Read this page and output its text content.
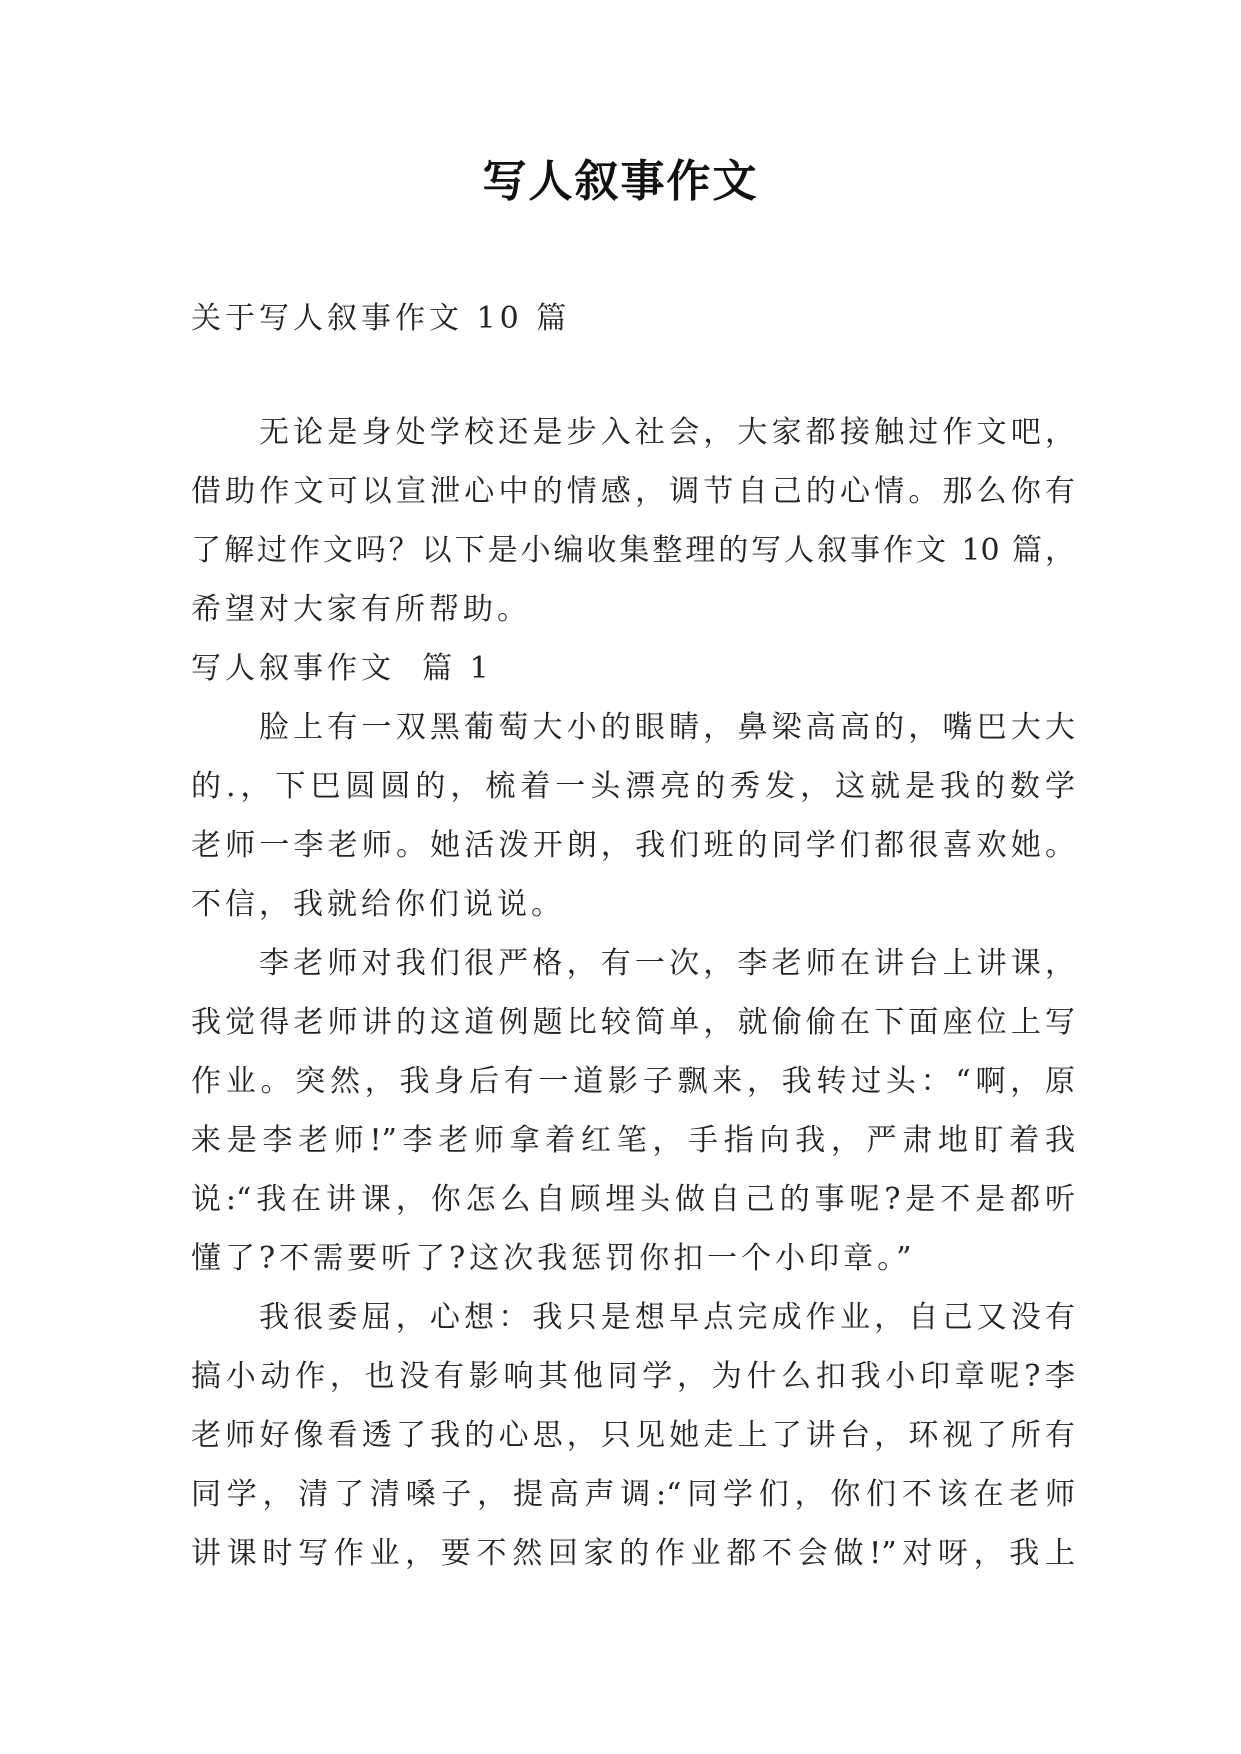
写人叙事作文
关于写人叙事作文 10 篇
无论是身处学校还是步入社会，大家都接触过作文吧，
借助作文可以宣泄心中的情感，调节自己的心情。那么你有
了解过作文吗？以下是小编收集整理的写人叙事作文 10 篇，
希望对大家有所帮助。
写人叙事作文  篇 1
脸上有一双黑葡萄大小的眼睛，鼻梁高高的，嘴巴大大
的.，下巴圆圆的，梳着一头漂亮的秀发，这就是我的数学
老师一李老师。她活泼开朗，我们班的同学们都很喜欢她。
不信，我就给你们说说。
李老师对我们很严格，有一次，李老师在讲台上讲课，
我觉得老师讲的这道例题比较简单，就偷偷在下面座位上写
作业。突然，我身后有一道影子飘来，我转过头：“啊，原
来是李老师!”李老师拿着红笔，手指向我，严肃地盯着我
说:“我在讲课，你怎么自顾埋头做自己的事呢?是不是都听
懂了?不需要听了?这次我惩罚你扣一个小印章。”
我很委屈，心想：我只是想早点完成作业，自己又没有
搞小动作，也没有影响其他同学，为什么扣我小印章呢?李
老师好像看透了我的心思，只见她走上了讲台，环视了所有
同学，清了清嗓子，提高声调:“同学们，你们不该在老师
讲课时写作业，要不然回家的作业都不会做!”对呀，我上
